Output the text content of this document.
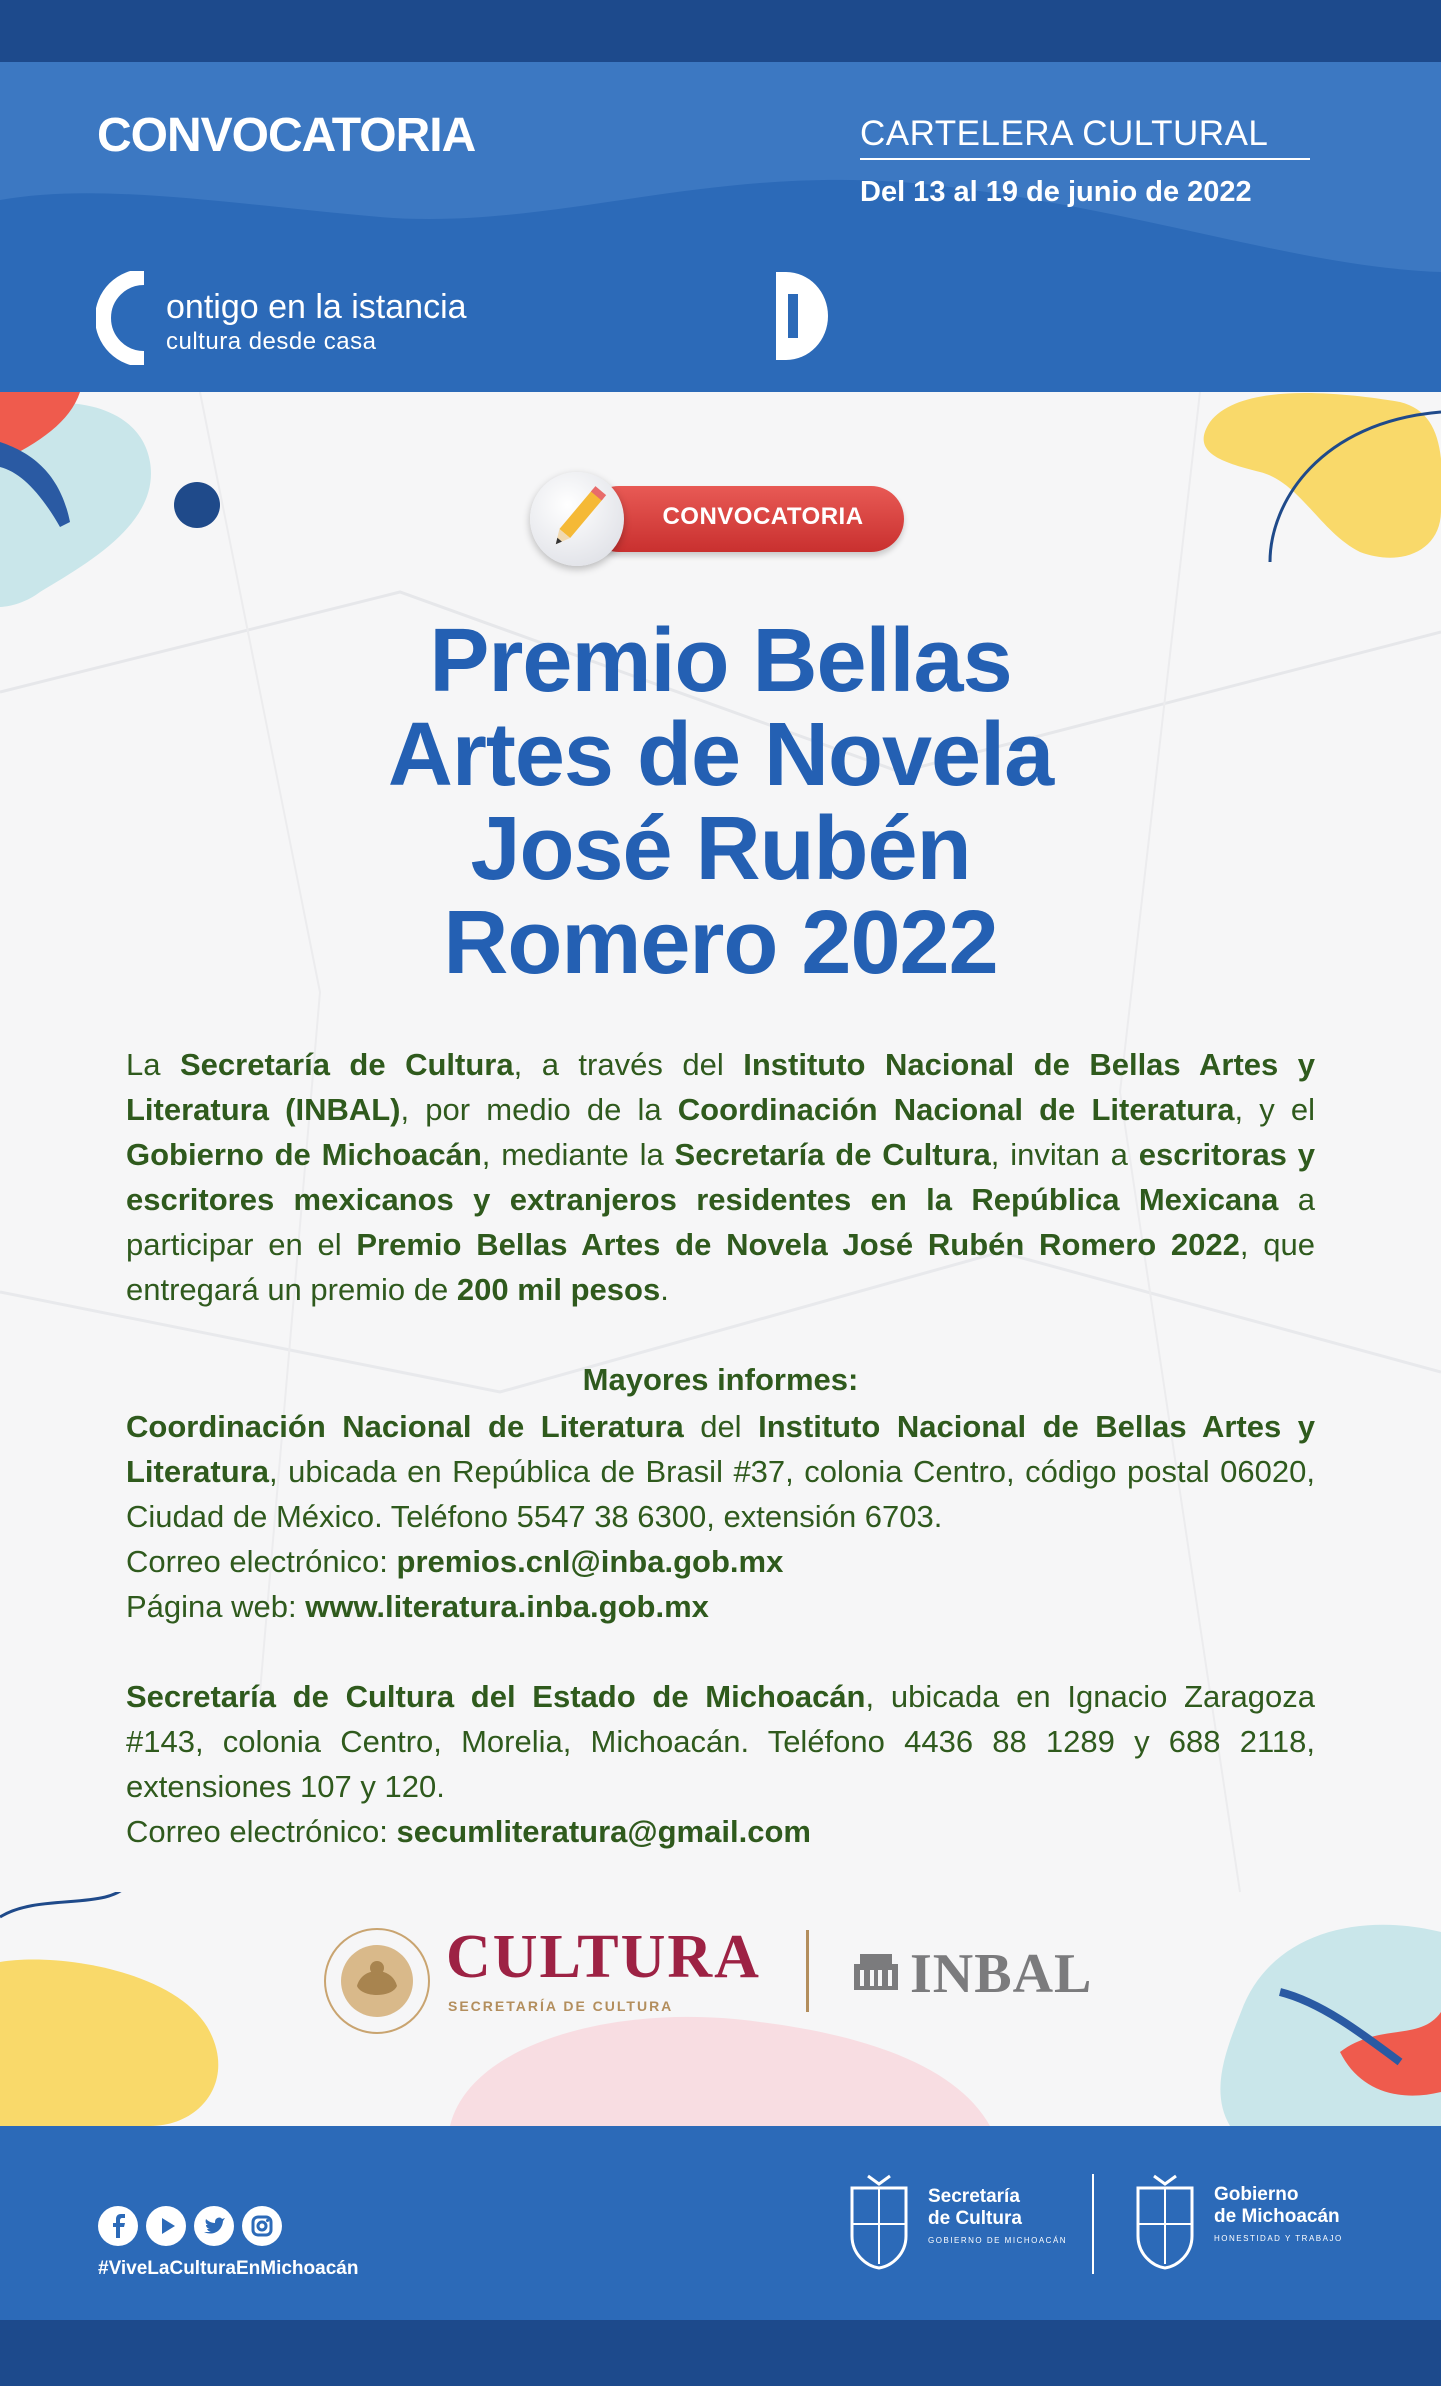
CONVOCATORIA	CARTELERA CULTURAL
Del 13 al 19 de junio de 2022
ontigo en la istancia
cultura desde casa
CONVOCATORIA
Premio Bellas
Artes de Novela
José Rubén
Romero 2022
La Secretaría de Cultura, a través del Instituto Nacional de Bellas Artes y Literatura (INBAL), por medio de la Coordinación Nacional de Literatura, y el Gobierno de Michoacán, mediante la Secretaría de Cultura, invitan a escritoras y escritores mexicanos y extranjeros residentes en la República Mexicana a participar en el Premio Bellas Artes de Novela José Rubén Romero 2022, que entregará un premio de 200 mil pesos.
Mayores informes:
Coordinación Nacional de Literatura del Instituto Nacional de Bellas Artes y Literatura, ubicada en República de Brasil #37, colonia Centro, código postal 06020, Ciudad de México. Teléfono 5547 38 6300, extensión 6703.
Correo electrónico: premios.cnl@inba.gob.mx
Página web: www.literatura.inba.gob.mx
Secretaría de Cultura del Estado de Michoacán, ubicada en Ignacio Zaragoza #143, colonia Centro, Morelia, Michoacán. Teléfono 4436 88 1289 y 688 2118, extensiones 107 y 120.
Correo electrónico: secumliteratura@gmail.com
CULTURA
SECRETARÍA DE CULTURA
INBAL
#ViveLaCulturaEnMichoacán
Secretaría
de Cultura
GOBIERNO DE MICHOACÁN
Gobierno
de Michoacán
HONESTIDAD Y TRABAJO
